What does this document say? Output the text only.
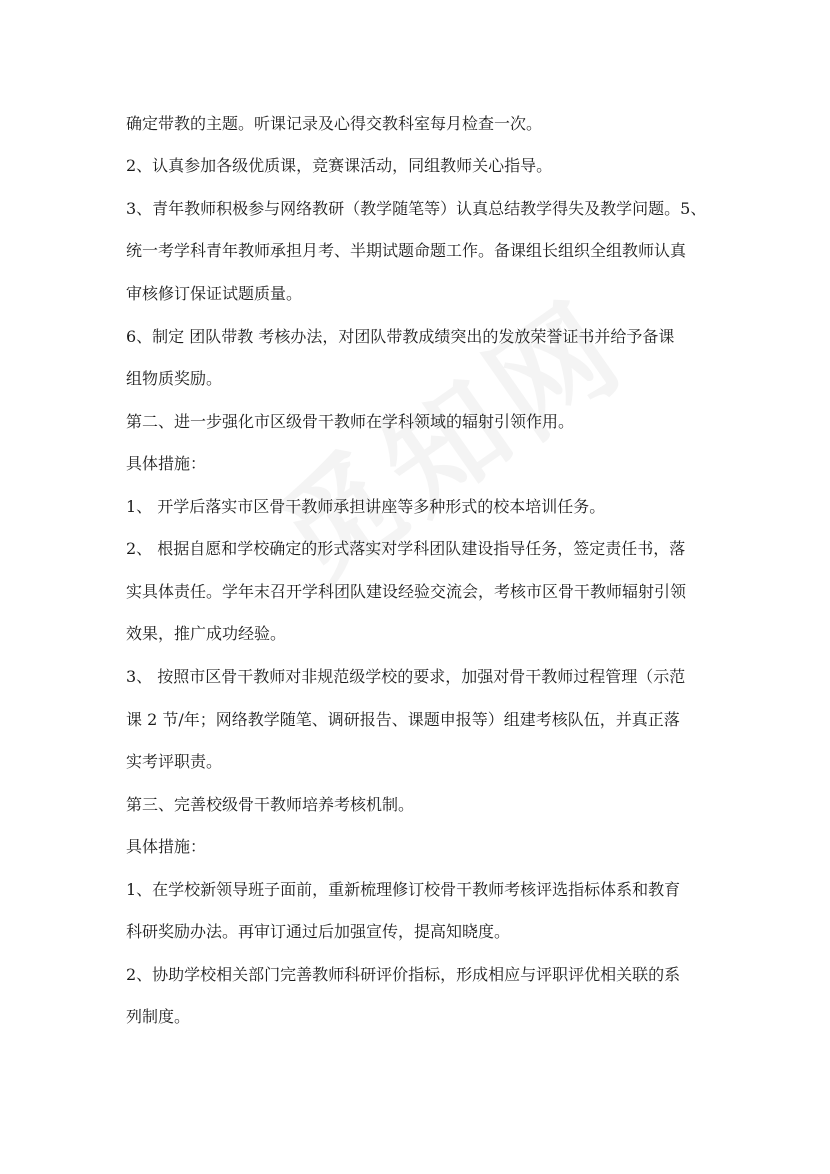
确定带教的主题。听课记录及心得交教科室每月检查一次。
2、认真参加各级优质课，竞赛课活动，同组教师关心指导。
3、青年教师积极参与网络教研（教学随笔等）认真总结教学得失及教学问题。5、
统一考学科青年教师承担月考、半期试题命题工作。备课组长组织全组教师认真
审核修订保证试题质量。
6、制定 团队带教 考核办法，对团队带教成绩突出的发放荣誉证书并给予备课
组物质奖励。
第二、进一步强化市区级骨干教师在学科领域的辐射引领作用。
具体措施：
1、 开学后落实市区骨干教师承担讲座等多种形式的校本培训任务。
2、 根据自愿和学校确定的形式落实对学科团队建设指导任务，签定责任书，落
实具体责任。学年末召开学科团队建设经验交流会，考核市区骨干教师辐射引领
效果，推广成功经验。
3、 按照市区骨干教师对非规范级学校的要求，加强对骨干教师过程管理（示范
课 2 节/年；网络教学随笔、调研报告、课题申报等）组建考核队伍，并真正落
实考评职责。
第三、完善校级骨干教师培养考核机制。
具体措施：
1、在学校新领导班子面前，重新梳理修订校骨干教师考核评选指标体系和教育
科研奖励办法。再审订通过后加强宣传，提高知晓度。
2、协助学校相关部门完善教师科研评价指标，形成相应与评职评优相关联的系
列制度。
